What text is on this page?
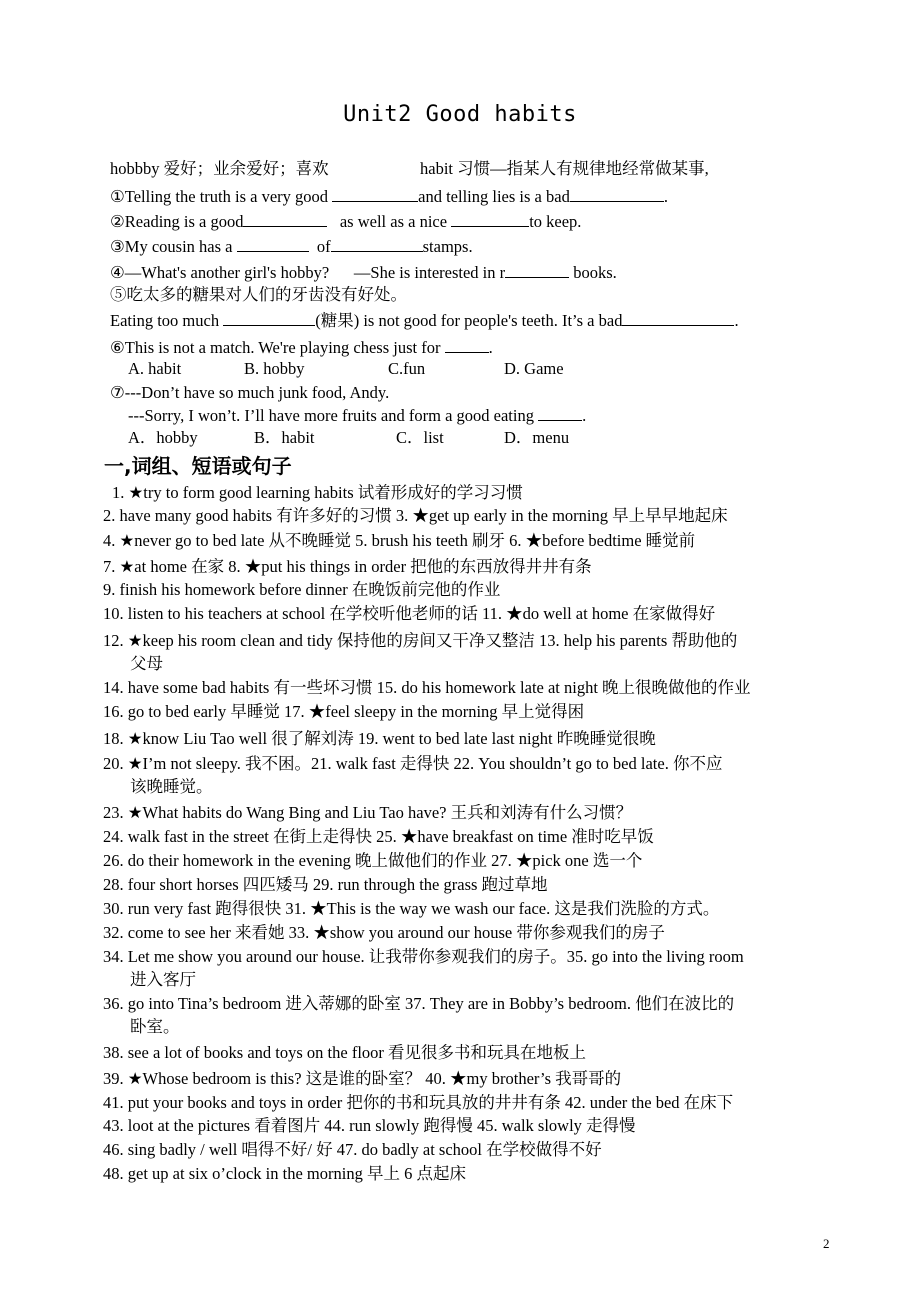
Unit2 Good habits
hobbby 爱好；业余爱好；喜欢	habit 习惯—指某人有规律地经常做某事,
①Telling the truth is a very good	and telling lies is a bad	.
②Reading is a good	as well as a nice	to keep.
③My cousin has a	of	stamps.
④—What's another girl's hobby? —She is interested in r	books.
⑤吃太多的糖果对人们的牙齿没有好处。
Eating too much	(糖果) is not good for people's teeth. It’s a bad	.
⑥This is not a match. We're playing chess just for	.
A. habit	B. hobby	C.fun	D. Game
⑦---Don’t have so much junk food, Andy.
---Sorry, I won’t. I’ll have more fruits and form a good eating	.
A．hobby	B．habit	C．list	D．menu
一,词组、短语或句子
1. ★try to form good learning habits 试着形成好的学习习惯
2. have many good habits 有许多好的习惯 3. ★get up early in the morning 早上早早地起床
4. ★never go to bed late 从不晚睡觉 5. brush his teeth 刷牙 6. ★before bedtime 睡觉前
7. ★at home 在家 8. ★put his things in order 把他的东西放得井井有条
9. finish his homework before dinner 在晚饭前完他的作业
10. listen to his teachers at school 在学校听他老师的话 11. ★do well at home 在家做得好
12. ★keep his room clean and tidy 保持他的房间又干净又整洁 13. help his parents 帮助他的
父母
14. have some bad habits 有一些坏习惯 15. do his homework late at night 晚上很晚做他的作业
16. go to bed early 早睡觉 17. ★feel sleepy in the morning 早上觉得困
18. ★know Liu Tao well 很了解刘涛 19. went to bed late last night 昨晚睡觉很晚
20. ★I’m not sleepy. 我不困。21. walk fast 走得快 22. You shouldn’t go to bed late. 你不应
该晚睡觉。
23. ★What habits do Wang Bing and Liu Tao have? 王兵和刘涛有什么习惯？
24. walk fast in the street 在街上走得快 25. ★have breakfast on time 准时吃早饭
26. do their homework in the evening 晚上做他们的作业 27. ★pick one 选一个
28. four short horses 四匹矮马 29. run through the grass 跑过草地
30. run very fast 跑得很快 31. ★This is the way we wash our face. 这是我们洗脸的方式。
32. come to see her 来看她 33. ★show you around our house 带你参观我们的房子
34. Let me show you around our house. 让我带你参观我们的房子。35. go into the living room
进入客厅
36. go into Tina’s bedroom 进入蒂娜的卧室 37. They are in Bobby’s bedroom. 他们在波比的
卧室。
38. see a lot of books and toys on the floor 看见很多书和玩具在地板上
39. ★Whose bedroom is this? 这是谁的卧室？ 40. ★my brother’s 我哥哥的
41. put your books and toys in order 把你的书和玩具放的井井有条 42. under the bed 在床下
43. loot at the pictures 看着图片 44. run slowly 跑得慢 45. walk slowly 走得慢
46. sing badly / well 唱得不好/ 好 47. do badly at school 在学校做得不好
48. get up at six o’clock in the morning 早上 6 点起床
2
